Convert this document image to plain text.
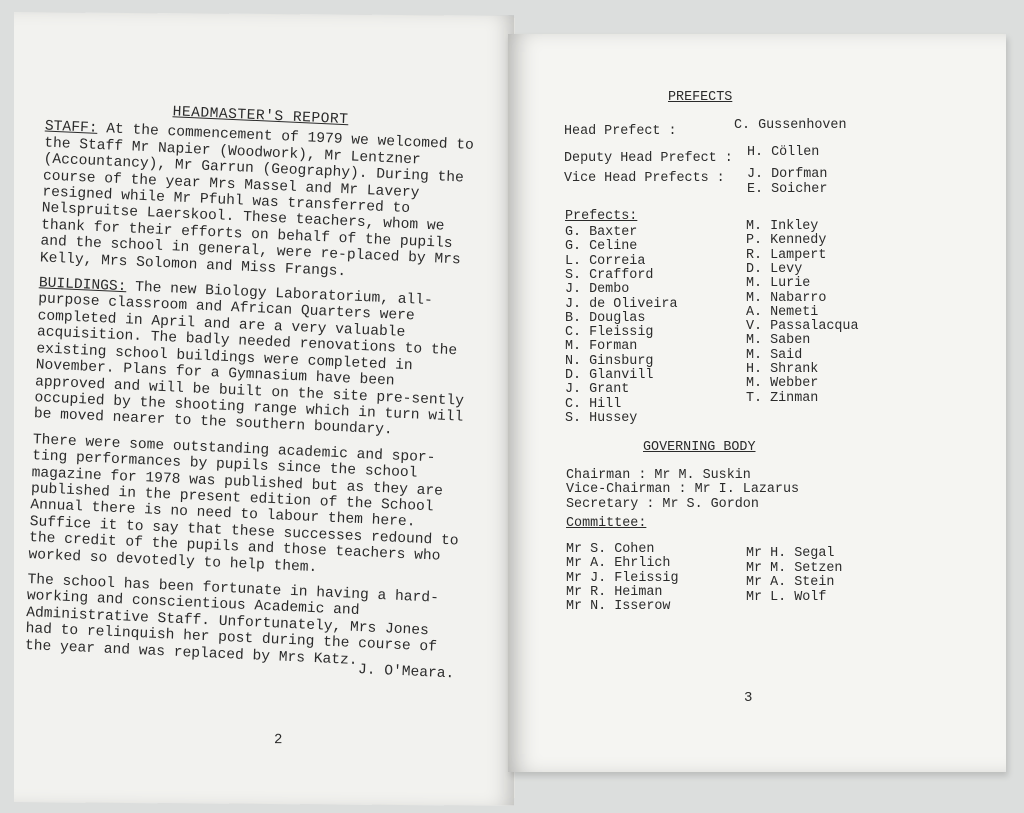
HEADMASTER'S REPORT

STAFF: At the commencement of 1979 we welcomed to the Staff Mr Napier (Woodwork), Mr Lentzner (Accountancy), Mr Garrun (Geography). During the course of the year Mrs Massel and Mr Lavery resigned while Mr Pfuhl was transferred to Nelspruitse Laerskool. These teachers, whom we thank for their efforts on behalf of the pupils and the school in general, were re-placed by Mrs Kelly, Mrs Solomon and Miss Frangs.

BUILDINGS: The new Biology Laboratorium, all-purpose classroom and African Quarters were completed in April and are a very valuable acquisition. The badly needed renovations to the existing school buildings were completed in November. Plans for a Gymnasium have been approved and will be built on the site pre-sently occupied by the shooting range which in turn will be moved nearer to the southern boundary.

There were some outstanding academic and spor-ting performances by pupils since the school magazine for 1978 was published but as they are published in the present edition of the School Annual there is no need to labour them here. Suffice it to say that these successes redound to the credit of the pupils and those teachers who worked so devotedly to help them.

The school has been fortunate in having a hard-working and conscientious Academic and Administrative Staff. Unfortunately, Mrs Jones had to relinquish her post during the course of the year and was replaced by Mrs Katz.

J. O'Meara.
2
PREFECTS
Head Prefect :	C. Gussenhoven
Deputy Head Prefect : H. Cöllen
Vice Head Prefects : J. Dorfman
E. Soicher
Prefects:
G. Baxter
G. Celine
L. Correia
S. Crafford
J. Dembo
J. de Oliveira
B. Douglas
C. Fleissig
M. Forman
N. Ginsburg
D. Glanvill
J. Grant
C. Hill
S. Hussey
M. Inkley
P. Kennedy
R. Lampert
D. Levy
M. Lurie
M. Nabarro
A. Nemeti
V. Passalacqua
M. Saben
M. Said
H. Shrank
M. Webber
T. Zinman
GOVERNING BODY
Chairman : Mr M. Suskin
Vice-Chairman : Mr I. Lazarus
Secretary : Mr S. Gordon
Committee:
Mr S. Cohen
Mr A. Ehrlich
Mr J. Fleissig
Mr R. Heiman
Mr N. Isserow
Mr H. Segal
Mr M. Setzen
Mr A. Stein
Mr L. Wolf
3
